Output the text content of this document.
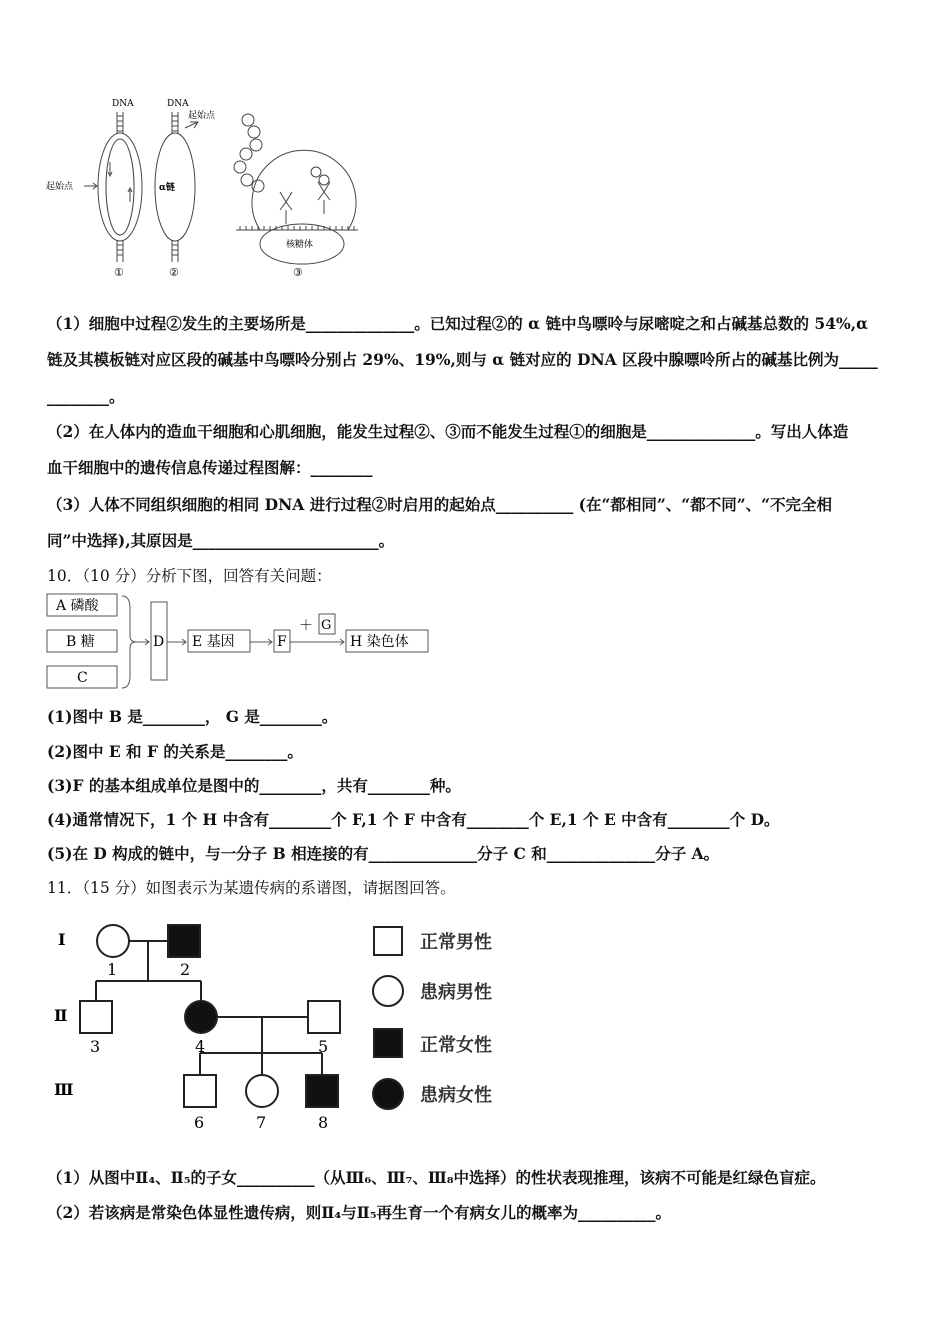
DNA
起始点
①
DNA
起始点
α链
②
核糖体
③
（1）细胞中过程②发生的主要场所是______________。已知过程②的 α 链中鸟嘌呤与尿嘧啶之和占碱基总数的 54%,α
链及其模板链对应区段的碱基中鸟嘌呤分别占 29%、19%,则与 α 链对应的 DNA 区段中腺嘌呤所占的碱基比例为_____
________。
（2）在人体内的造血干细胞和心肌细胞，能发生过程②、③而不能发生过程①的细胞是______________。写出人体造
血干细胞中的遗传信息传递过程图解：________
（3）人体不同组织细胞的相同 DNA 进行过程②时启用的起始点__________ (在“都相同”、“都不同”、“不完全相
同”中选择),其原因是________________________。
10．（10 分）分析下图，回答有关问题：
A 磷酸
B 糖
C
D E 基因	F
＋ G
H 染色体
(1)图中 B 是________， G 是________。
(2)图中 E 和 F 的关系是________。
(3)F 的基本组成单位是图中的________，共有________种。
(4)通常情况下，1 个 H 中含有________个 F,1 个 F 中含有________个 E,1 个 E 中含有________个 D。
(5)在 D 构成的链中，与一分子 B 相连接的有______________分子 C 和______________分子 A。
11．（15 分）如图表示为某遗传病的系谱图，请据图回答。
I
Ⅱ
Ⅲ
1	2
3	4	5
6	7	8
正常男性
患病男性
正常女性
患病女性
（1）从图中Ⅱ₄、Ⅱ₅的子女__________（从Ⅲ₆、Ⅲ₇、Ⅲ₈中选择）的性状表现推理，该病不可能是红绿色盲症。
（2）若该病是常染色体显性遗传病，则Ⅱ₄与Ⅱ₅再生育一个有病女儿的概率为__________。
